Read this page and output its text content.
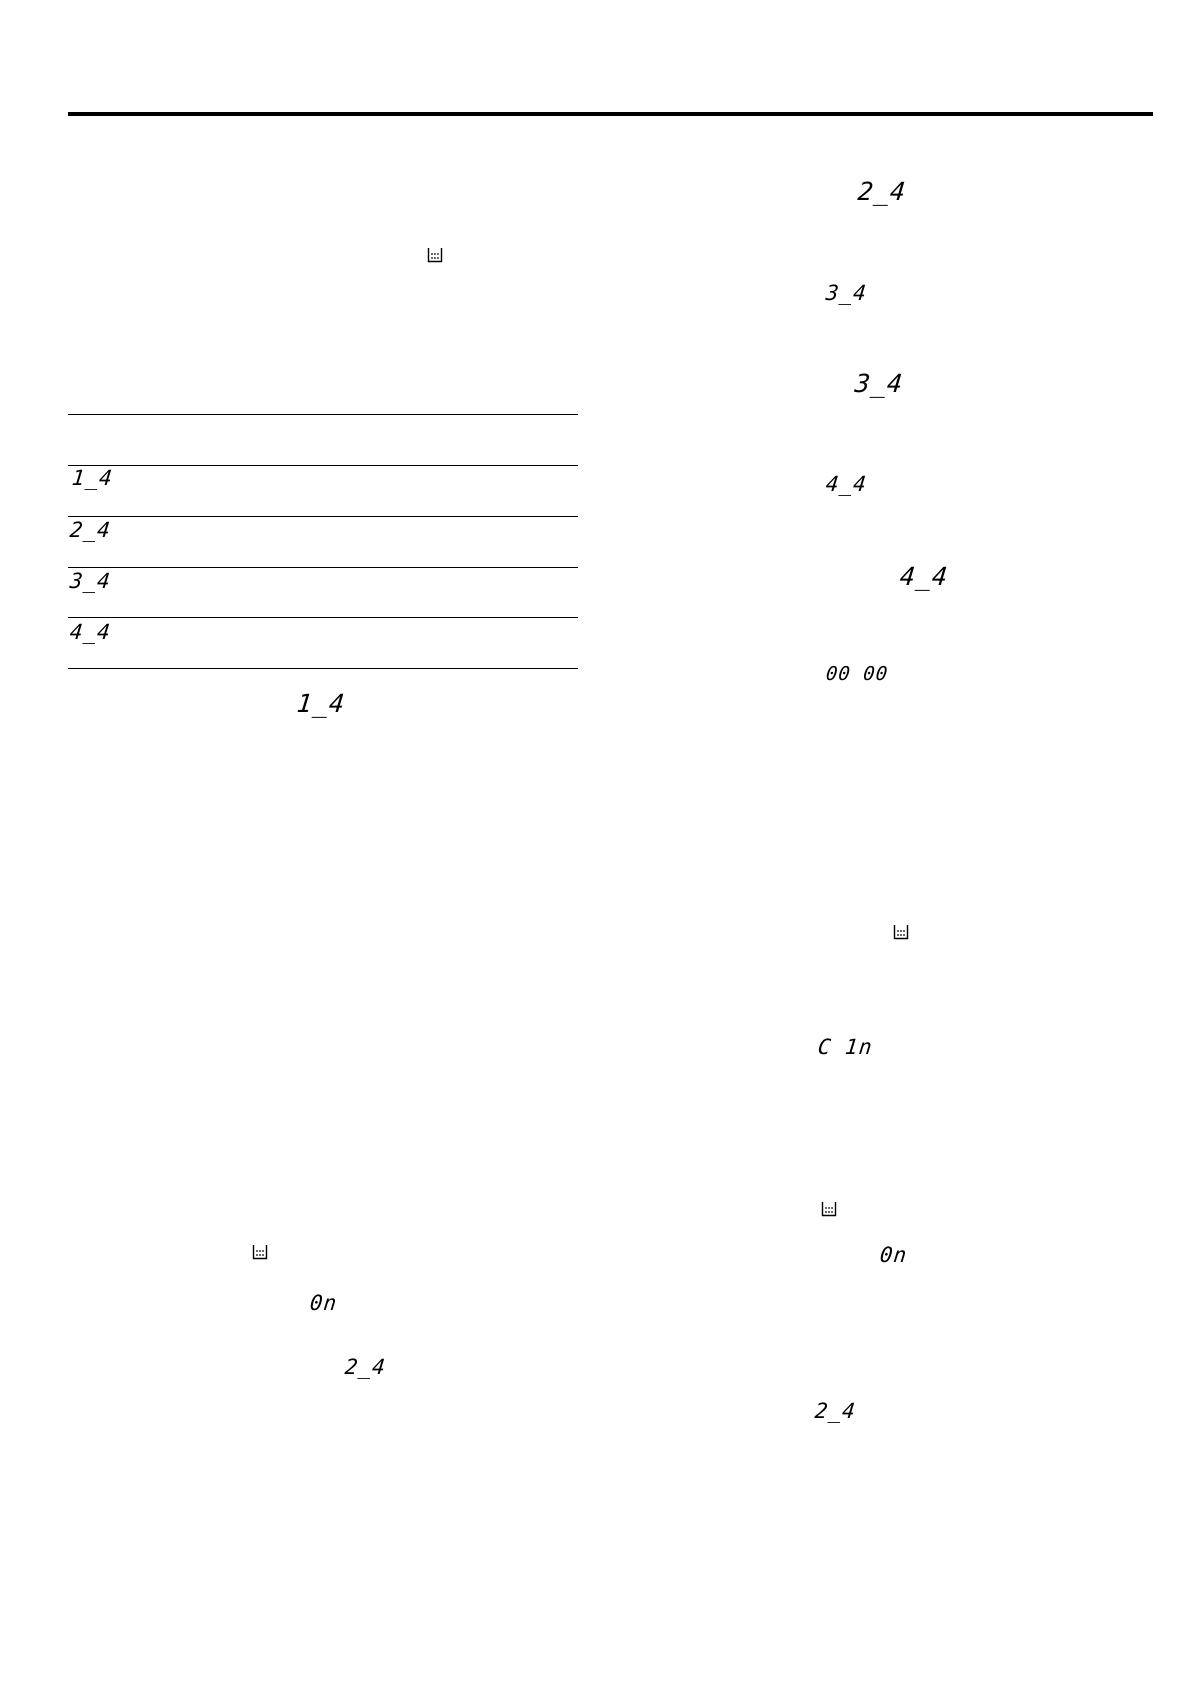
1_4
2_4
3_4
4_4
1_4
0n
2_4
2_4
3_4
3_4
4_4
4_4
00 00
C 1n
0n
2_4
